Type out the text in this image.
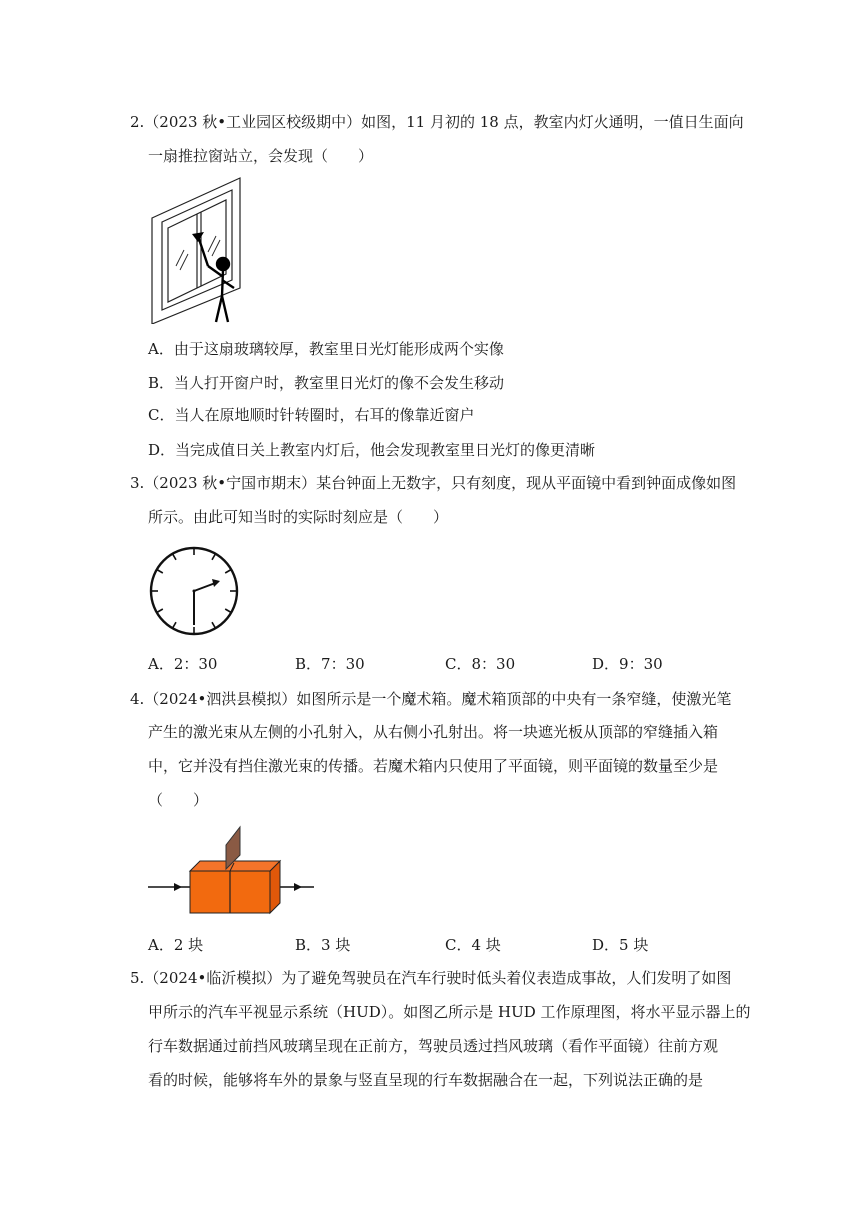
2.（2023 秋•工业园区校级期中）如图，11 月初的 18 点，教室内灯火通明，一值日生面向
一扇推拉窗站立，会发现（　　）
A．由于这扇玻璃较厚，教室里日光灯能形成两个实像
B．当人打开窗户时，教室里日光灯的像不会发生移动
C．当人在原地顺时针转圈时，右耳的像靠近窗户
D．当完成值日关上教室内灯后，他会发现教室里日光灯的像更清晰
3.（2023 秋•宁国市期末）某台钟面上无数字，只有刻度，现从平面镜中看到钟面成像如图
所示。由此可知当时的实际时刻应是（　　）
A．2：30	B．7：30	C．8：30	D．9：30
4.（2024•泗洪县模拟）如图所示是一个魔术箱。魔术箱顶部的中央有一条窄缝，使激光笔
产生的激光束从左侧的小孔射入，从右侧小孔射出。将一块遮光板从顶部的窄缝插入箱
中，它并没有挡住激光束的传播。若魔术箱内只使用了平面镜，则平面镜的数量至少是
（　　）
A．2 块	B．3 块	C．4 块	D．5 块
5.（2024•临沂模拟）为了避免驾驶员在汽车行驶时低头着仪表造成事故，人们发明了如图
甲所示的汽车平视显示系统（HUD）。如图乙所示是 HUD 工作原理图，将水平显示器上的
行车数据通过前挡风玻璃呈现在正前方，驾驶员透过挡风玻璃（看作平面镜）往前方观
看的时候，能够将车外的景象与竖直呈现的行车数据融合在一起，下列说法正确的是
